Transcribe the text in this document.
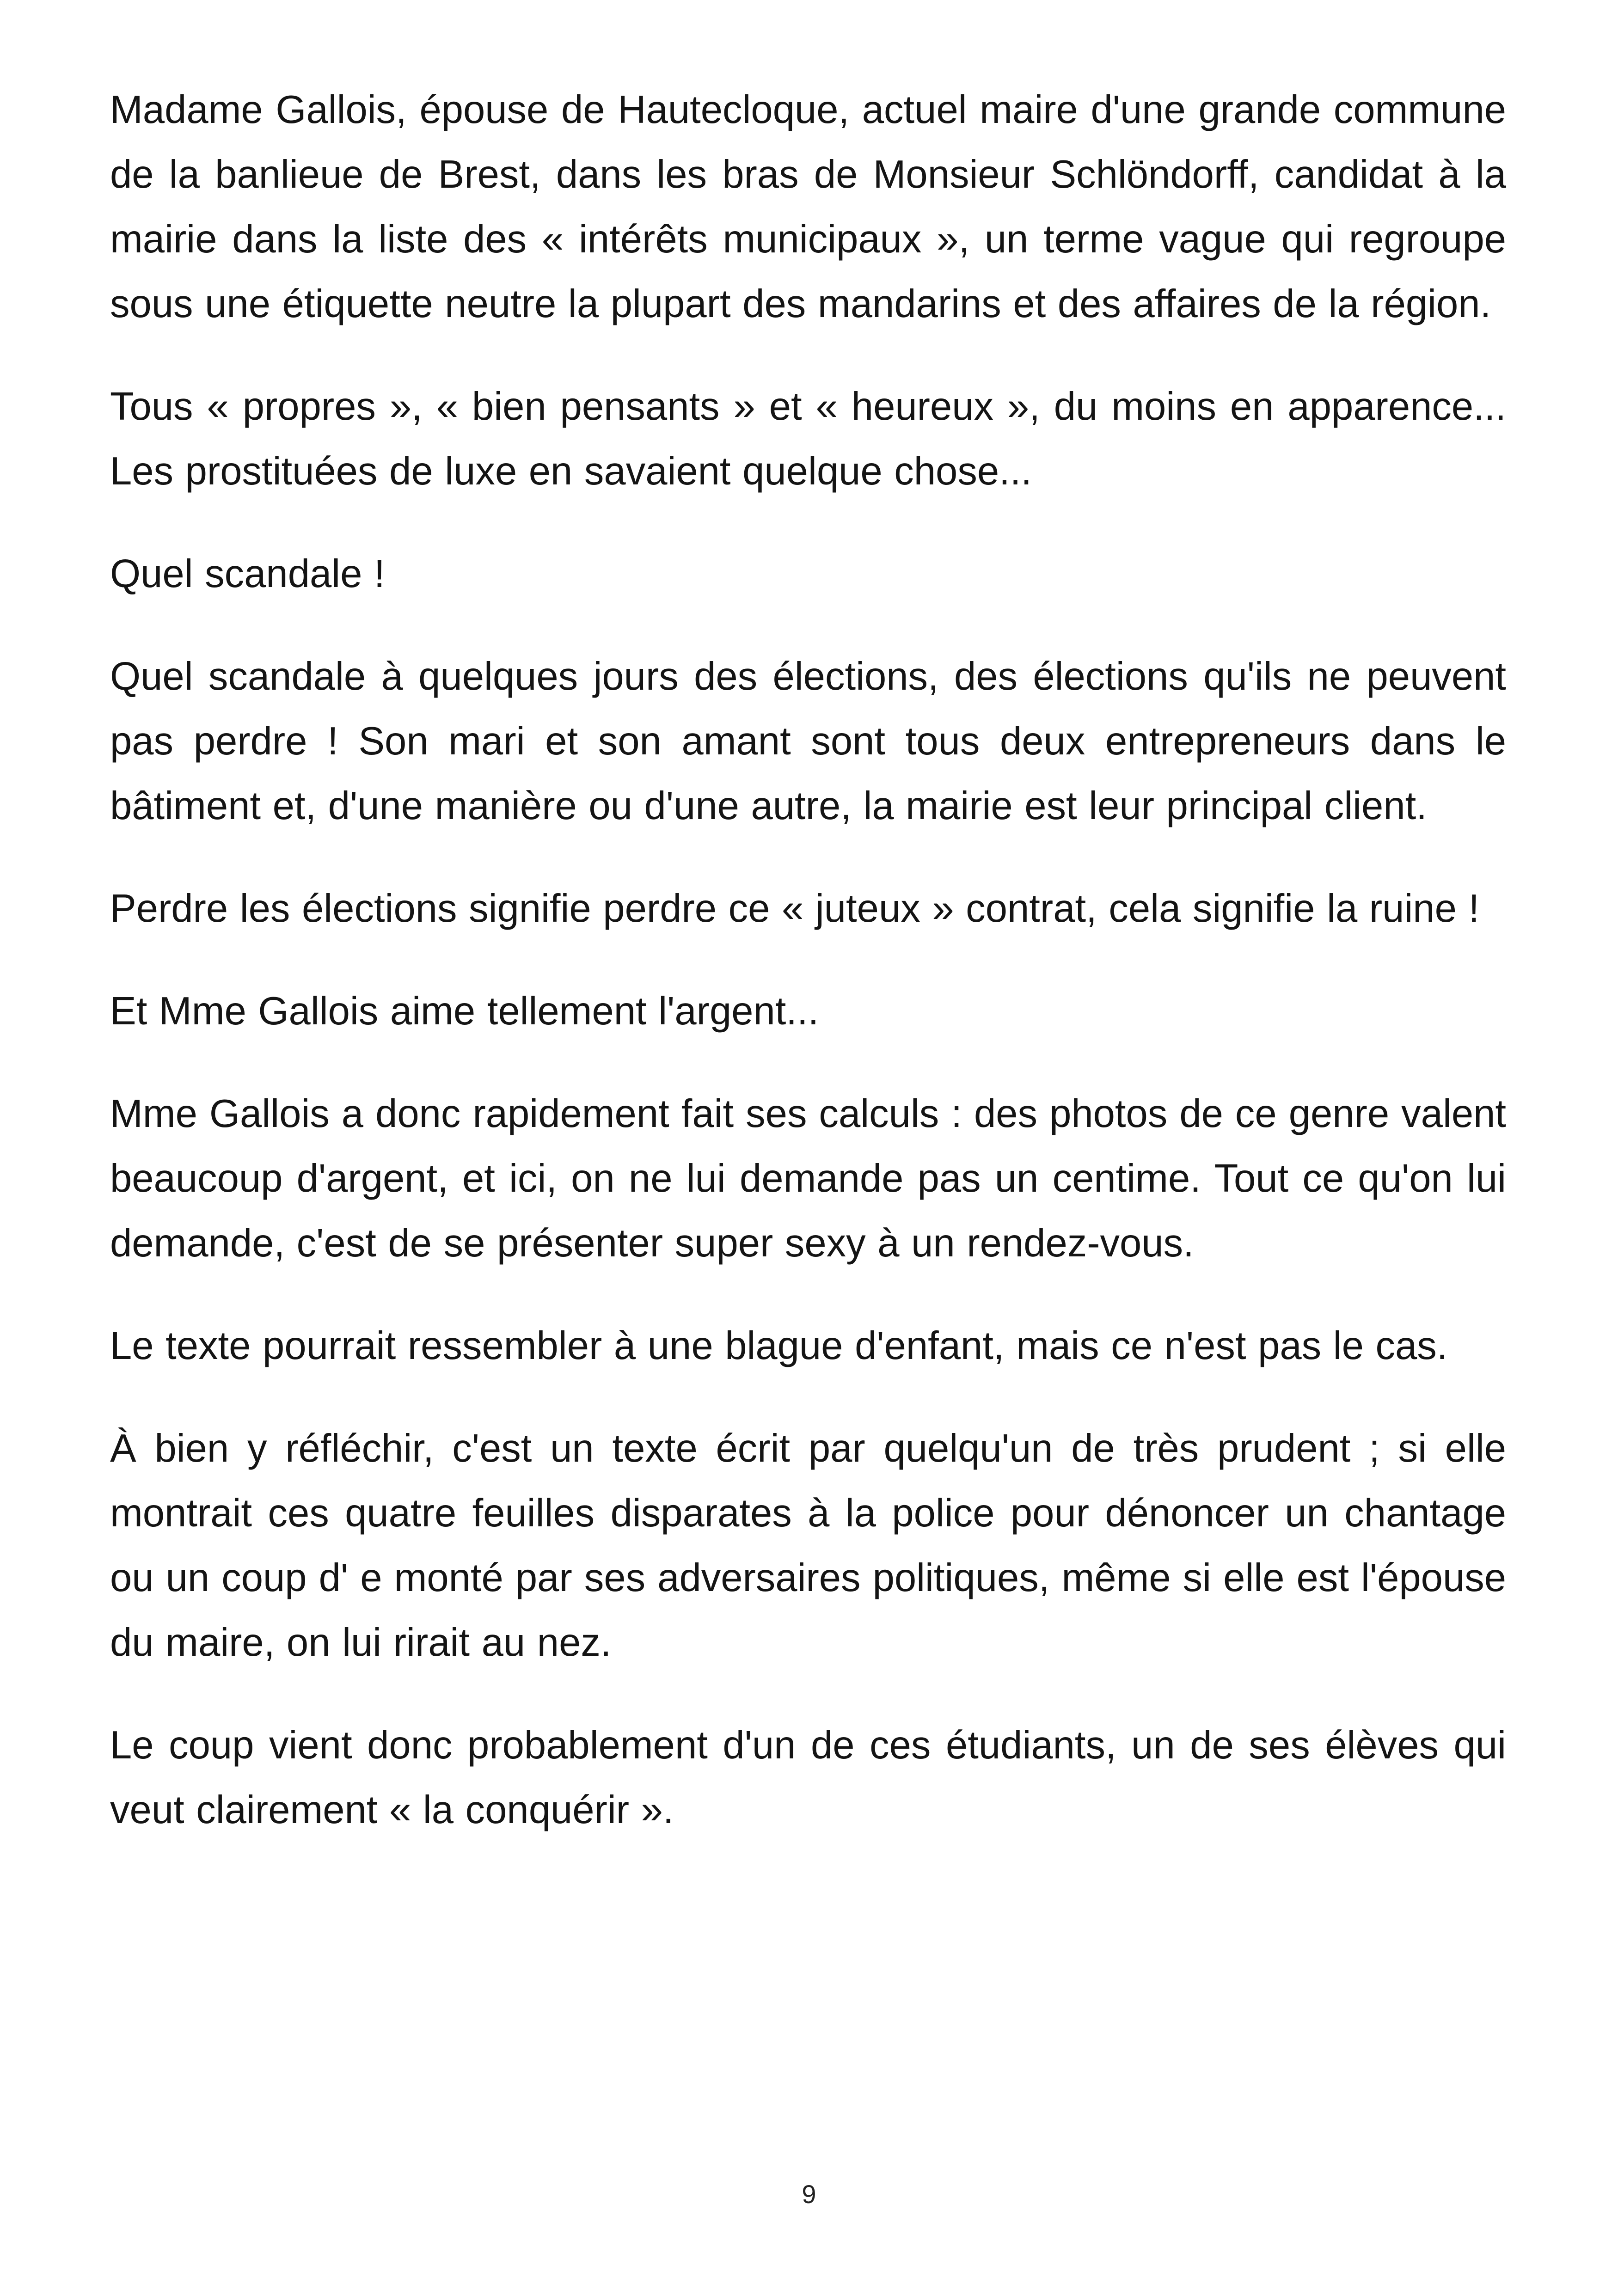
Madame Gallois, épouse de Hautecloque, actuel maire d'une grande commune de la banlieue de Brest, dans les bras de Monsieur Schlöndorff, candidat à la mairie dans la liste des « intérêts municipaux », un terme vague qui regroupe sous une étiquette neutre la plupart des mandarins et des affaires de la région.

Tous « propres », « bien pensants » et « heureux », du moins en apparence... Les prostituées de luxe en savaient quelque chose...

Quel scandale !

Quel scandale à quelques jours des élections, des élections qu'ils ne peuvent pas perdre ! Son mari et son amant sont tous deux entrepreneurs dans le bâtiment et, d'une manière ou d'une autre, la mairie est leur principal client.

Perdre les élections signifie perdre ce « juteux » contrat, cela signifie la ruine !

Et Mme Gallois aime tellement l'argent...

Mme Gallois a donc rapidement fait ses calculs : des photos de ce genre valent beaucoup d'argent, et ici, on ne lui demande pas un centime. Tout ce qu'on lui demande, c'est de se présenter super sexy à un rendez-vous.

Le texte pourrait ressembler à une blague d'enfant, mais ce n'est pas le cas.

À bien y réfléchir, c'est un texte écrit par quelqu'un de très prudent ; si elle montrait ces quatre feuilles disparates à la police pour dénoncer un chantage ou un coup d' e monté par ses adversaires politiques, même si elle est l'épouse du maire, on lui rirait au nez.

Le coup vient donc probablement d'un de ces étudiants, un de ses élèves qui veut clairement « la conquérir ».

9
